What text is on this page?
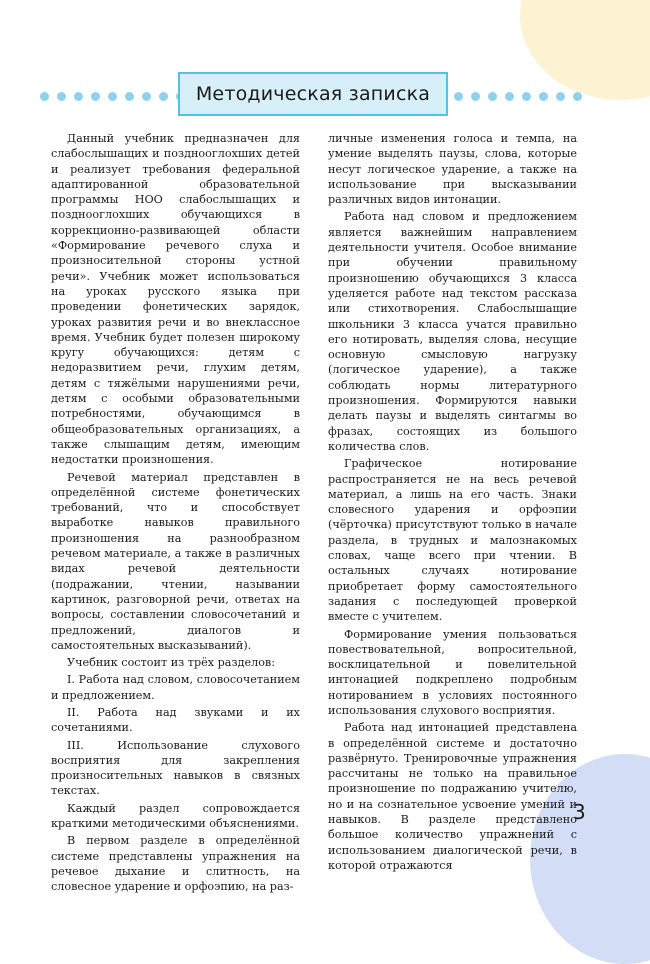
Методическая записка

Данный учебник предназначен для слабослышащих и позднооглохших детей и реализует требования федеральной адаптированной образовательной программы НОО слабослышащих и позднооглохших обучающихся в коррекционно-развивающей области «Формирование речевого слуха и произносительной стороны устной речи». Учебник может использоваться на уроках русского языка при проведении фонетических зарядок, уроках развития речи и во внеклассное время. Учебник будет полезен широкому кругу обучающихся: детям с недоразвитием речи, глухим детям, детям с тяжёлыми нарушениями речи, детям с особыми образовательными потребностями, обучающимся в общеобразовательных организациях, а также слышащим детям, имеющим недостатки произношения.

Речевой материал представлен в определённой системе фонетических требований, что и способствует выработке навыков правильного произношения на разнообразном речевом материале, а также в различных видах речевой деятельности (подражании, чтении, назывании картинок, разговорной речи, ответах на вопросы, составлении словосочетаний и предложений, диалогов и самостоятельных высказываний).

Учебник состоит из трёх разделов:

I. Работа над словом, словосочетанием и предложением.

II. Работа над звуками и их сочетаниями.

III. Использование слухового восприятия для закрепления произносительных навыков в связных текстах.

Каждый раздел сопровождается краткими методическими объяснениями.

В первом разделе в определённой системе представлены упражнения на речевое дыхание и слитность, на словесное ударение и орфоэпию, на раз-

личные изменения голоса и темпа, на умение выделять паузы, слова, которые несут логическое ударение, а также на использование при высказывании различных видов интонации.

Работа над словом и предложением является важнейшим направлением деятельности учителя. Особое внимание при обучении правильному произношению обучающихся 3 класса уделяется работе над текстом рассказа или стихотворения. Слабослышащие школьники 3 класса учатся правильно его нотировать, выделяя слова, несущие основную смысловую нагрузку (логическое ударение), а также соблюдать нормы литературного произношения. Формируются навыки делать паузы и выделять синтагмы во фразах, состоящих из большого количества слов.

Графическое нотирование распространяется не на весь речевой материал, а лишь на его часть. Знаки словесного ударения и орфоэпии (чёрточка) присутствуют только в начале раздела, в трудных и малознакомых словах, чаще всего при чтении. В остальных случаях нотирование приобретает форму самостоятельного задания с последующей проверкой вместе с учителем.

Формирование умения пользоваться повествовательной, вопросительной, восклицательной и повелительной интонацией подкреплено подробным нотированием в условиях постоянного использования слухового восприятия.

Работа над интонацией представлена в определённой системе и достаточно развёрнуто. Тренировочные упражнения рассчитаны не только на правильное произношение по подражанию учителю, но и на сознательное усвоение умений и навыков. В разделе представлено большое количество упражнений с использованием диалогической речи, в которой отражаются

3
